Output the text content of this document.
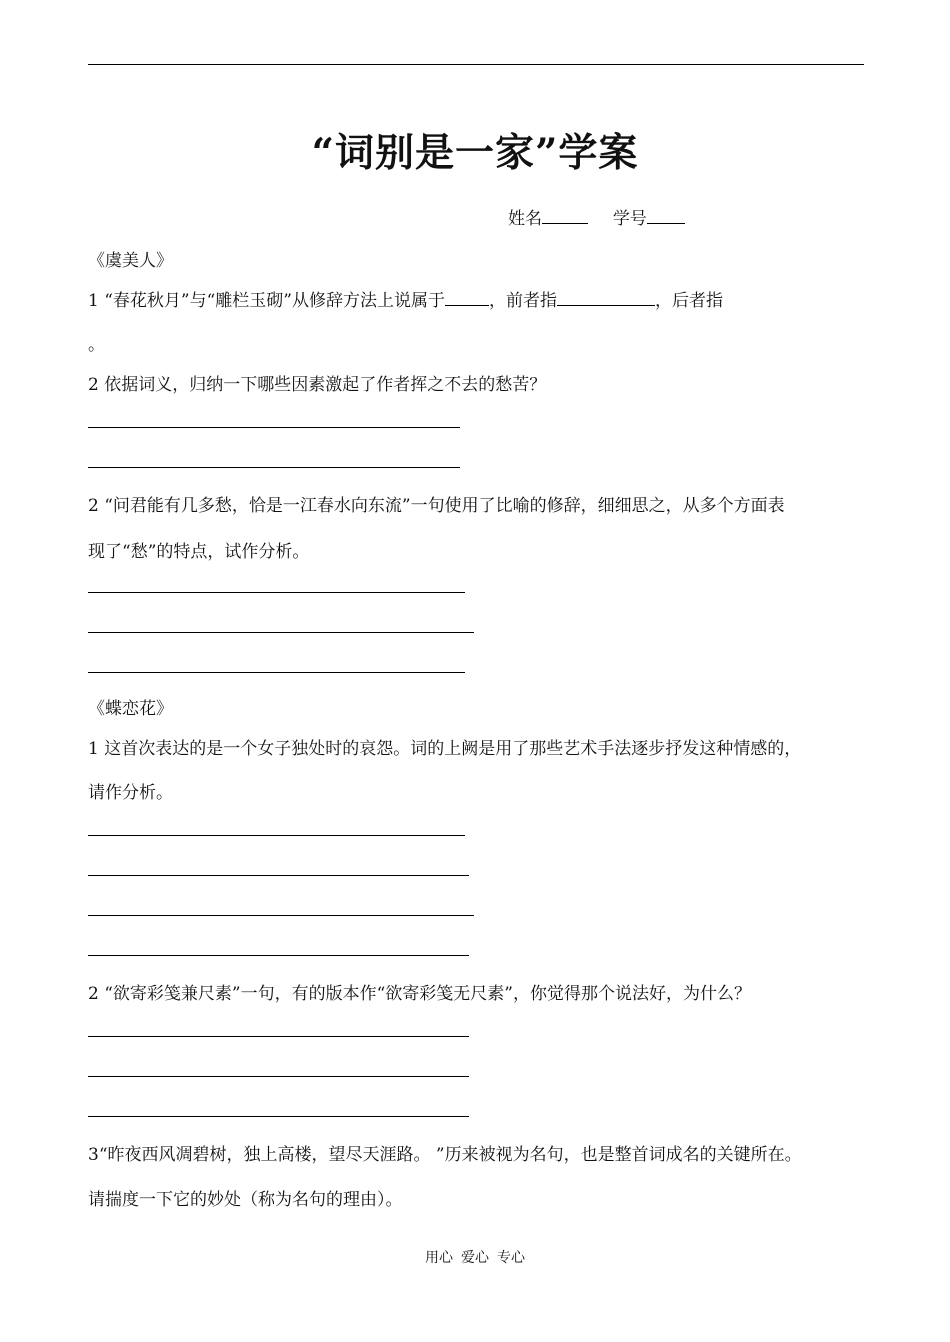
“词别是一家”学案
姓名	学号
《虞美人》
1 “春花秋月”与“雕栏玉砌”从修辞方法上说属于	，前者指	，后者指
。
2 依据词义，归纳一下哪些因素激起了作者挥之不去的愁苦？
2 “问君能有几多愁，恰是一江春水向东流”一句使用了比喻的修辞，细细思之，从多个方面表
现了“愁”的特点，试作分析。
《蝶恋花》
1 这首次表达的是一个女子独处时的哀怨。词的上阙是用了那些艺术手法逐步抒发这种情感的，
请作分析。
2 “欲寄彩笺兼尺素”一句，有的版本作“欲寄彩笺无尺素”，你觉得那个说法好，为什么？
3“昨夜西风凋碧树，独上高楼，望尽天涯路。 ”历来被视为名句，也是整首词成名的关键所在。
请揣度一下它的妙处（称为名句的理由）。
用心 爱心 专心
